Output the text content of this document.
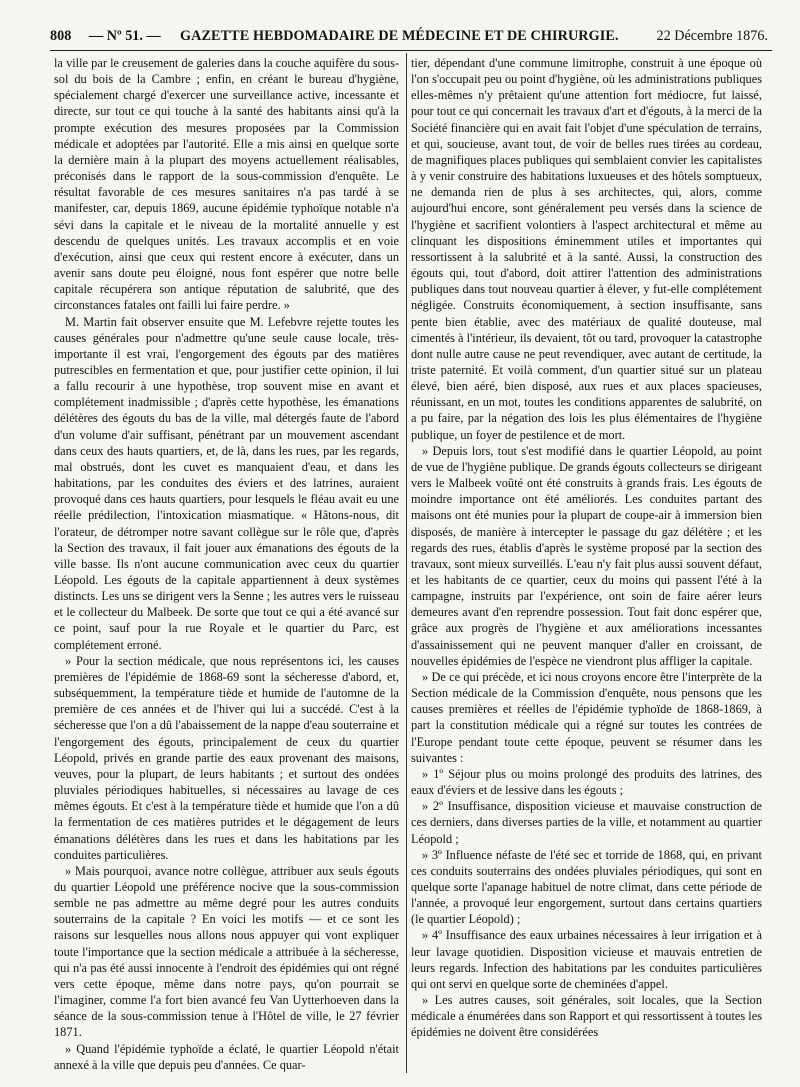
808 — Nº 51. — GAZETTE HEBDOMADAIRE DE MÉDECINE ET DE CHIRURGIE.	22 Décembre 1876.

la ville par le creusement de galeries dans la couche aquifère du sous-sol du bois de la Cambre ; enfin, en créant le bureau d'hygiène, spécialement chargé d'exercer une surveillance active, incessante et directe, sur tout ce qui touche à la santé des habitants ainsi qu'à la prompte exécution des mesures proposées par la Commission médicale et adoptées par l'autorité. Elle a mis ainsi en quelque sorte la dernière main à la plupart des moyens actuellement réalisables, préconisés dans le rapport de la sous-commission d'enquête. Le résultat favorable de ces mesures sanitaires n'a pas tardé à se manifester, car, depuis 1869, aucune épidémie typhoïque notable n'a sévi dans la capitale et le niveau de la mortalité annuelle y est descendu de quelques unités. Les travaux accomplis et en voie d'exécution, ainsi que ceux qui restent encore à exécuter, dans un avenir sans doute peu éloigné, nous font espérer que notre belle capitale récupérera son antique réputation de salubrité, que des circonstances fatales ont failli lui faire perdre. »

M. Martin fait observer ensuite que M. Lefebvre rejette toutes les causes générales pour n'admettre qu'une seule cause locale, très-importante il est vrai, l'engorgement des égouts par des matières putrescibles en fermentation et que, pour justifier cette opinion, il lui a fallu recourir à une hypothèse, trop souvent mise en avant et complétement inadmissible ; d'après cette hypothèse, les émanations délétères des égouts du bas de la ville, mal détergés faute de l'abord d'un volume d'air suffisant, pénétrant par un mouvement ascendant dans ceux des hauts quartiers, et, de là, dans les rues, par les regards, mal obstrués, dont les cuvet es manquaient d'eau, et dans les habitations, par les conduites des éviers et des latrines, auraient provoqué dans ces hauts quartiers, pour lesquels le fléau avait eu une réelle prédilection, l'intoxication miasmatique. « Hâtons-nous, dit l'orateur, de détromper notre savant collègue sur le rôle que, d'après la Section des travaux, il fait jouer aux émanations des égouts de la ville basse. Ils n'ont aucune communication avec ceux du quartier Léopold. Les égouts de la capitale appartiennent à deux systèmes distincts. Les uns se dirigent vers la Senne ; les autres vers le ruisseau et le collecteur du Malbeek. De sorte que tout ce qui a été avancé sur ce point, sauf pour la rue Royale et le quartier du Parc, est complétement erroné.

» Pour la section médicale, que nous représentons ici, les causes premières de l'épidémie de 1868-69 sont la sécheresse d'abord, et, subséquemment, la température tiède et humide de l'automne de la première de ces années et de l'hiver qui lui a succédé. C'est à la sécheresse que l'on a dû l'abaissement de la nappe d'eau souterraine et l'engorgement des égouts, principalement de ceux du quartier Léopold, privés en grande partie des eaux provenant des maisons, veuves, pour la plupart, de leurs habitants ; et surtout des ondées pluviales périodiques habituelles, si nécessaires au lavage de ces mêmes égouts. Et c'est à la température tiède et humide que l'on a dû la fermentation de ces matières putrides et le dégagement de leurs émanations délétères dans les rues et dans les habitations par les conduites particulières.

» Mais pourquoi, avance notre collègue, attribuer aux seuls égouts du quartier Léopold une préférence nocive que la sous-commission semble ne pas admettre au même degré pour les autres conduits souterrains de la capitale ? En voici les motifs — et ce sont les raisons sur lesquelles nous allons nous appuyer qui vont expliquer toute l'importance que la section médicale a attribuée à la sécheresse, qui n'a pas été aussi innocente à l'endroit des épidémies qui ont régné vers cette époque, même dans notre pays, qu'on pourrait se l'imaginer, comme l'a fort bien avancé feu Van Uytterhoeven dans la séance de la sous-commission tenue à l'Hôtel de ville, le 27 février 1871.

» Quand l'épidémie typhoïde a éclaté, le quartier Léopold n'était annexé à la ville que depuis peu d'années. Ce quar-

tier, dépendant d'une commune limitrophe, construit à une époque où l'on s'occupait peu ou point d'hygiène, où les administrations publiques elles-mêmes n'y prêtaient qu'une attention fort médiocre, fut laissé, pour tout ce qui concernait les travaux d'art et d'égouts, à la merci de la Société financière qui en avait fait l'objet d'une spéculation de terrains, et qui, soucieuse, avant tout, de voir de belles rues tirées au cordeau, de magnifiques places publiques qui semblaient convier les capitalistes à y venir construire des habitations luxueuses et des hôtels somptueux, ne demanda rien de plus à ses architectes, qui, alors, comme aujourd'hui encore, sont généralement peu versés dans la science de l'hygiène et sacrifient volontiers à l'aspect architectural et même au clinquant les dispositions éminemment utiles et importantes qui ressortissent à la salubrité et à la santé. Aussi, la construction des égouts qui, tout d'abord, doit attirer l'attention des administrations publiques dans tout nouveau quartier à élever, y fut-elle complétement négligée. Construits économiquement, à section insuffisante, sans pente bien établie, avec des matériaux de qualité douteuse, mal cimentés à l'intérieur, ils devaient, tôt ou tard, provoquer la catastrophe dont nulle autre cause ne peut revendiquer, avec autant de certitude, la triste paternité. Et voilà comment, d'un quartier situé sur un plateau élevé, bien aéré, bien disposé, aux rues et aux places spacieuses, réunissant, en un mot, toutes les conditions apparentes de salubrité, on a pu faire, par la négation des lois les plus élémentaires de l'hygiène publique, un foyer de pestilence et de mort.

» Depuis lors, tout s'est modifié dans le quartier Léopold, au point de vue de l'hygiène publique. De grands égouts collecteurs se dirigeant vers le Malbeek voûté ont été construits à grands frais. Les égouts de moindre importance ont été améliorés. Les conduites partant des maisons ont été munies pour la plupart de coupe-air à immersion bien disposés, de manière à intercepter le passage du gaz délétère ; et les regards des rues, établis d'après le système proposé par la section des travaux, sont mieux surveillés. L'eau n'y fait plus aussi souvent défaut, et les habitants de ce quartier, ceux du moins qui passent l'été à la campagne, instruits par l'expérience, ont soin de faire aérer leurs demeures avant d'en reprendre possession. Tout fait donc espérer que, grâce aux progrès de l'hygiène et aux améliorations incessantes d'assainissement qui ne peuvent manquer d'aller en croissant, de nouvelles épidémies de l'espèce ne viendront plus affliger la capitale.

» De ce qui précède, et ici nous croyons encore être l'interprète de la Section médicale de la Commission d'enquête, nous pensons que les causes premières et réelles de l'épidémie typhoïde de 1868-1869, à part la constitution médicale qui a régné sur toutes les contrées de l'Europe pendant toute cette époque, peuvent se résumer dans les suivantes :

» 1º Séjour plus ou moins prolongé des produits des latrines, des eaux d'éviers et de lessive dans les égouts ;

» 2º Insuffisance, disposition vicieuse et mauvaise construction de ces derniers, dans diverses parties de la ville, et notamment au quartier Léopold ;

» 3º Influence néfaste de l'été sec et torride de 1868, qui, en privant ces conduits souterrains des ondées pluviales périodiques, qui sont en quelque sorte l'apanage habituel de notre climat, dans cette période de l'année, a provoqué leur engorgement, surtout dans certains quartiers (le quartier Léopold) ;

» 4º Insuffisance des eaux urbaines nécessaires à leur irrigation et à leur lavage quotidien. Disposition vicieuse et mauvais entretien de leurs regards. Infection des habitations par les conduites particulières qui ont servi en quelque sorte de cheminées d'appel.

» Les autres causes, soit générales, soit locales, que la Section médicale a énumérées dans son Rapport et qui ressortissent à toutes les épidémies ne doivent être considérées
